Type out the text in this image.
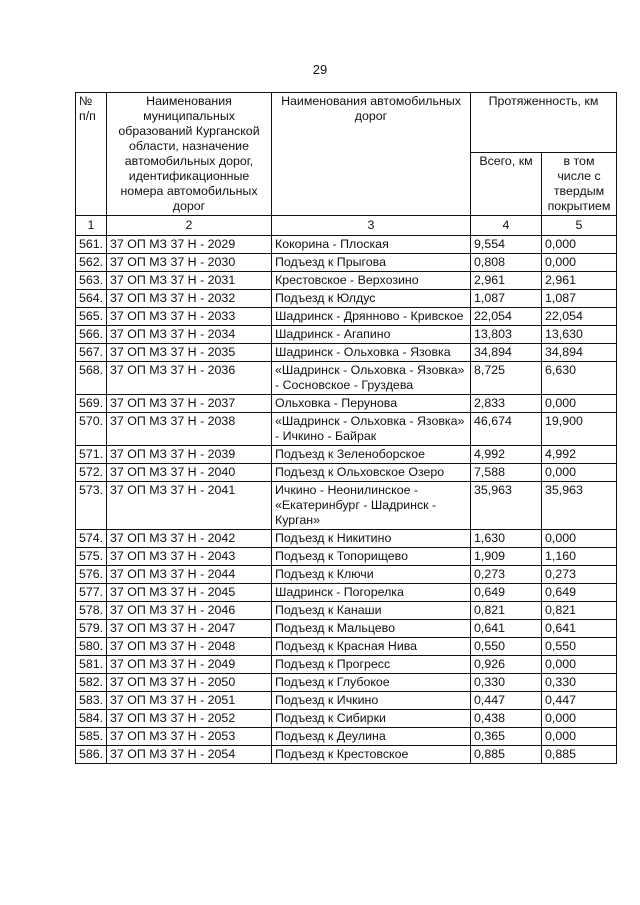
29
№
п/п	Наименования муниципальных образований Курганской области, назначение автомобильных дорог, идентификационные номера автомобильных дорог	Наименования автомобильных дорог	Протяженность, км	
			Всего, км	в том числе с твердым покрытием
1	2	3	4	5
561.	37 ОП МЗ 37 Н - 2029	Кокорина - Плоская	9,554	0,000
562.	37 ОП МЗ 37 Н - 2030	Подъезд к Прыгова	0,808	0,000
563.	37 ОП МЗ 37 Н - 2031	Крестовское - Верхозино	2,961	2,961
564.	37 ОП МЗ 37 Н - 2032	Подъезд к Юлдус	1,087	1,087
565.	37 ОП МЗ 37 Н - 2033	Шадринск - Дрянново - Кривское	22,054	22,054
566.	37 ОП МЗ 37 Н - 2034	Шадринск - Агапино	13,803	13,630
567.	37 ОП МЗ 37 Н - 2035	Шадринск - Ольховка - Язовка	34,894	34,894
568.	37 ОП МЗ 37 Н - 2036	«Шадринск - Ольховка - Язовка» - Сосновское - Груздева	8,725	6,630
569.	37 ОП МЗ 37 Н - 2037	Ольховка - Перунова	2,833	0,000
570.	37 ОП МЗ 37 Н - 2038	«Шадринск - Ольховка - Язовка» - Ичкино - Байрак	46,674	19,900
571.	37 ОП МЗ 37 Н - 2039	Подъезд к Зеленоборское	4,992	4,992
572.	37 ОП МЗ 37 Н - 2040	Подъезд к Ольховское Озеро	7,588	0,000
573.	37 ОП МЗ 37 Н - 2041	Ичкино - Неонилинское - «Екатеринбург - Шадринск - Курган»	35,963	35,963
574.	37 ОП МЗ 37 Н - 2042	Подъезд к Никитино	1,630	0,000
575.	37 ОП МЗ 37 Н - 2043	Подъезд к Топорищево	1,909	1,160
576.	37 ОП МЗ 37 Н - 2044	Подъезд к Ключи	0,273	0,273
577.	37 ОП МЗ 37 Н - 2045	Шадринск - Погорелка	0,649	0,649
578.	37 ОП МЗ 37 Н - 2046	Подъезд к Канаши	0,821	0,821
579.	37 ОП МЗ 37 Н - 2047	Подъезд к Мальцево	0,641	0,641
580.	37 ОП МЗ 37 Н - 2048	Подъезд к Красная Нива	0,550	0,550
581.	37 ОП МЗ 37 Н - 2049	Подъезд к Прогресс	0,926	0,000
582.	37 ОП МЗ 37 Н - 2050	Подъезд к Глубокое	0,330	0,330
583.	37 ОП МЗ 37 Н - 2051	Подъезд к Ичкино	0,447	0,447
584.	37 ОП МЗ 37 Н - 2052	Подъезд к Сибирки	0,438	0,000
585.	37 ОП МЗ 37 Н - 2053	Подъезд к Деулина	0,365	0,000
586.	37 ОП МЗ 37 Н - 2054	Подъезд к Крестовское	0,885	0,885
